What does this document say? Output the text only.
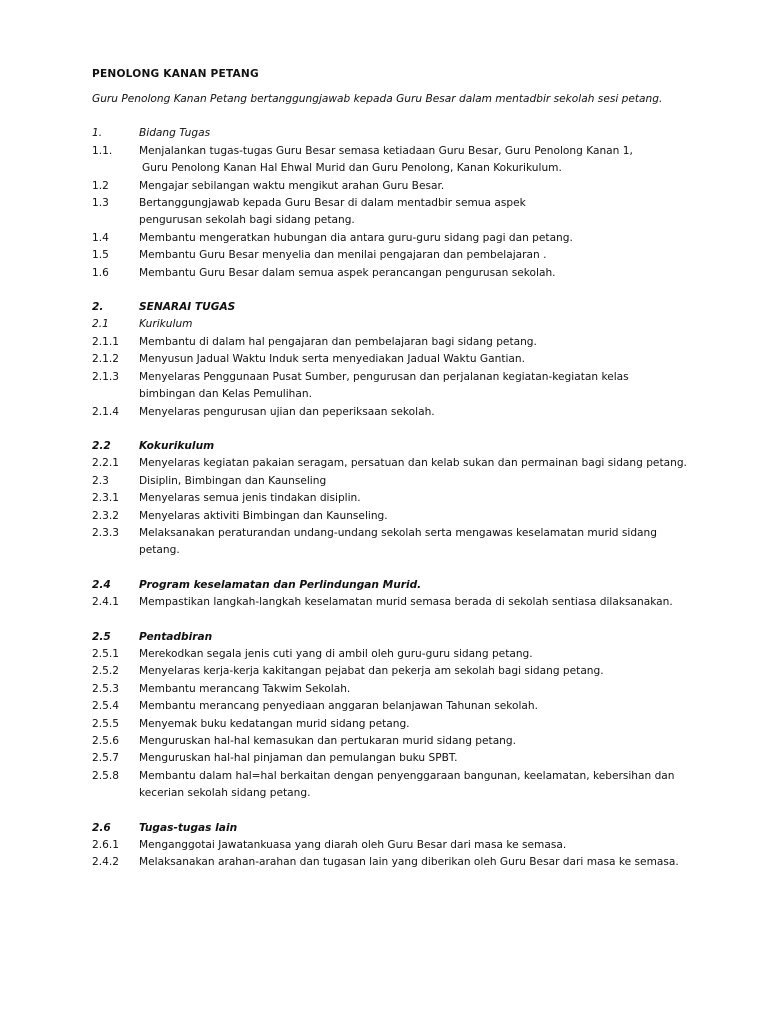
PENOLONG KANAN PETANG
Guru Penolong Kanan Petang bertanggungjawab kepada Guru Besar dalam mentadbir sekolah sesi petang.
1.	Bidang Tugas
1.1.	Menjalankan tugas-tugas Guru Besar semasa ketiadaan Guru Besar, Guru Penolong Kanan 1,
Guru Penolong Kanan Hal Ehwal Murid dan Guru Penolong, Kanan Kokurikulum.
1.2	Mengajar sebilangan waktu mengikut arahan Guru Besar.
1.3	Bertanggungjawab kepada Guru Besar di dalam mentadbir semua aspek
pengurusan sekolah bagi sidang petang.
1.4	Membantu mengeratkan hubungan dia antara guru-guru sidang pagi dan petang.
1.5	Membantu Guru Besar menyelia dan menilai pengajaran dan pembelajaran .
1.6	Membantu Guru Besar dalam semua aspek perancangan pengurusan sekolah.
2.	SENARAI TUGAS
2.1	Kurikulum
2.1.1	Membantu di dalam hal pengajaran dan pembelajaran bagi sidang petang.
2.1.2	Menyusun Jadual Waktu Induk serta menyediakan Jadual Waktu Gantian.
2.1.3	Menyelaras Penggunaan Pusat Sumber, pengurusan dan perjalanan kegiatan-kegiatan kelas
bimbingan dan Kelas Pemulihan.
2.1.4	Menyelaras pengurusan ujian dan peperiksaan sekolah.
2.2	Kokurikulum
2.2.1	Menyelaras kegiatan pakaian seragam, persatuan dan kelab sukan dan permainan bagi sidang petang.
2.3	Disiplin, Bimbingan dan Kaunseling
2.3.1	Menyelaras semua jenis tindakan disiplin.
2.3.2	Menyelaras aktiviti Bimbingan dan Kaunseling.
2.3.3	Melaksanakan peraturandan undang-undang sekolah serta mengawas keselamatan murid sidang
petang.
2.4	Program keselamatan dan Perlindungan Murid.
2.4.1	Mempastikan langkah-langkah keselamatan murid semasa berada di sekolah sentiasa dilaksanakan.
2.5	Pentadbiran
2.5.1	Merekodkan segala jenis cuti yang di ambil oleh guru-guru sidang petang.
2.5.2	Menyelaras kerja-kerja kakitangan pejabat dan pekerja am sekolah bagi sidang petang.
2.5.3	Membantu merancang Takwim Sekolah.
2.5.4	Membantu merancang penyediaan anggaran belanjawan Tahunan sekolah.
2.5.5	Menyemak buku kedatangan murid sidang petang.
2.5.6	Menguruskan hal-hal kemasukan dan pertukaran murid sidang petang.
2.5.7	Menguruskan hal-hal pinjaman dan pemulangan buku SPBT.
2.5.8	Membantu dalam hal=hal berkaitan dengan penyenggaraan bangunan, keelamatan, kebersihan dan
kecerian sekolah sidang petang.
2.6	Tugas-tugas lain
2.6.1	Menganggotai Jawatankuasa yang diarah oleh Guru Besar dari masa ke semasa.
2.4.2	Melaksanakan arahan-arahan dan tugasan lain yang diberikan oleh Guru Besar dari masa ke semasa.
